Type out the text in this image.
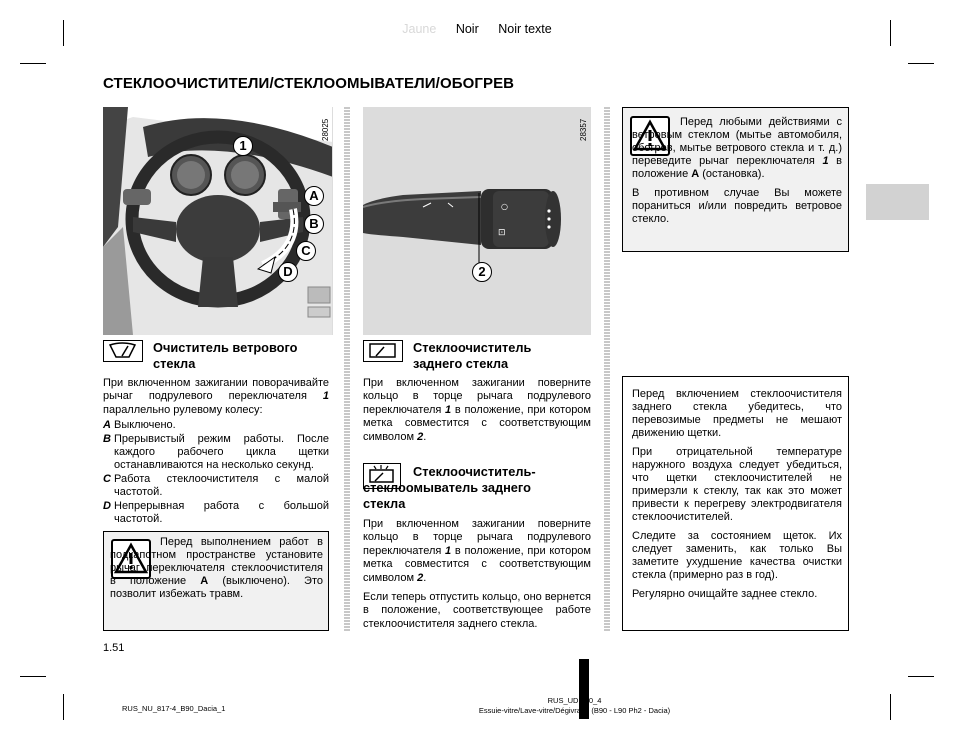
Jaune Noir Noir texte
СТЕКЛООЧИСТИТЕЛИ/СТЕКЛООМЫВАТЕЛИ/ОБОГРЕВ
28025
1
A
B
C
D
○
⊡
28357
2
Очиститель ветрового стекла

При включенном зажигании поворачивайте рычаг подрулевого переключателя 1 параллельно рулевому колесу:

A Выключено.
B Прерывистый режим работы. После каждого рабочего цикла щетки останавливаются на несколько секунд.
C Работа стеклоочистителя с малой частотой.
D Непрерывная работа с большой частотой.
Перед выполнением работ в подкапотном пространстве установите рычаг переключателя стеклоочистителя в положение A (выключено). Это позволит избежать травм.
Стеклоочиститель заднего стекла

При включенном зажигании поверните кольцо в торце рычага подрулевого переключателя 1 в положение, при котором метка совместится с соответствующим символом 2.

Стеклоочиститель-стеклоомыватель заднего стекла

При включенном зажигании поверните кольцо в торце рычага подрулевого переключателя 1 в положение, при котором метка совместится с соответствующим символом 2.

Если теперь отпустить кольцо, оно вернется в положение, соответствующее работе стеклоочистителя заднего стекла.

Перед любыми действиями с ветровым стеклом (мытье автомобиля, обогрев, мытье ветрового стекла и т. д.) переведите рычаг переключателя 1 в положение A (остановка).

В противном случае Вы можете пораниться и/или повредить ветровое стекло.

Перед включением стеклоочистителя заднего стекла убедитесь, что перевозимые предметы не мешают движению щетки.

При отрицательной температуре наружного воздуха следует убедиться, что щетки стеклоочистителей не примерзли к стеклу, так как это может привести к перегреву электродвигателя стеклоочистителей.

Следите за состоянием щеток. Их следует заменить, как только Вы заметите ухудшение качества очистки стекла (примерно раз в год).

Регулярно очищайте заднее стекло.

1.51
RUS_NU_817-4_B90_Dacia_1
RUS_UD1 20_4
Essuie-vitre/Lave-vitre/Dégivrage (B90 - L90 Ph2 - Dacia)
